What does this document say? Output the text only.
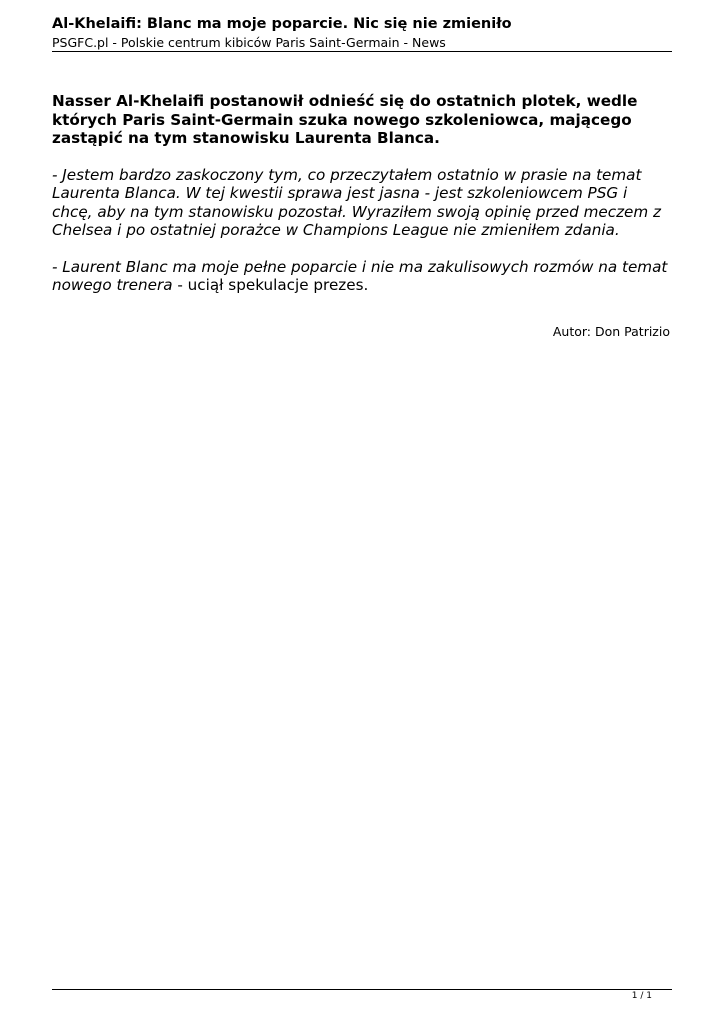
Al-Khelaifi: Blanc ma moje poparcie. Nic się nie zmieniło
PSGFC.pl - Polskie centrum kibiców Paris Saint-Germain - News

Nasser Al-Khelaifi postanowił odnieść się do ostatnich plotek, wedle których Paris Saint-Germain szuka nowego szkoleniowca, mającego zastąpić na tym stanowisku Laurenta Blanca.

- Jestem bardzo zaskoczony tym, co przeczytałem ostatnio w prasie na temat Laurenta Blanca. W tej kwestii sprawa jest jasna - jest szkoleniowcem PSG i chcę, aby na tym stanowisku pozostał. Wyraziłem swoją opinię przed meczem z Chelsea i po ostatniej porażce w Champions League nie zmieniłem zdania.

- Laurent Blanc ma moje pełne poparcie i nie ma zakulisowych rozmów na temat nowego trenera - uciął spekulacje prezes.

Autor: Don Patrizio
1 / 1
